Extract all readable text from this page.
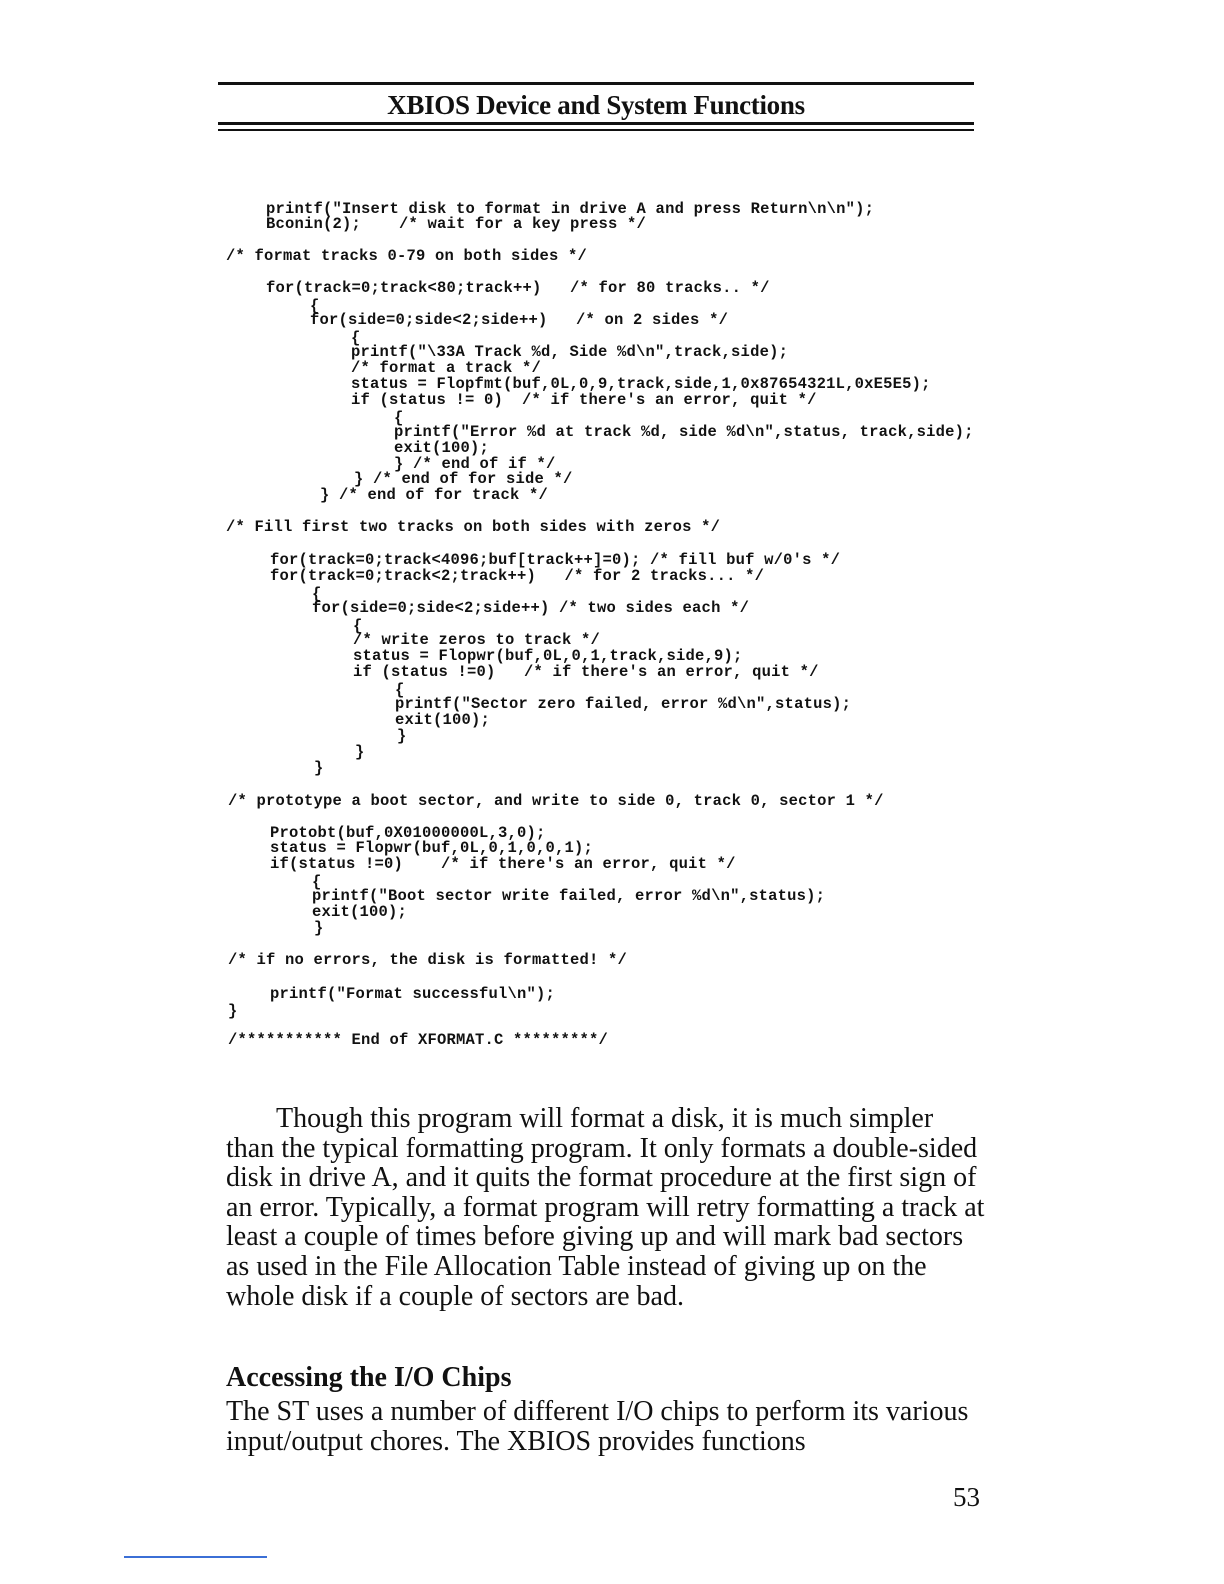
XBIOS Device and System Functions
printf("Insert disk to format in drive A and press Return\n\n");
Bconin(2);    /* wait for a key press */
/* format tracks 0-79 on both sides */
for(track=0;track<80;track++)   /* for 80 tracks.. */
{
for(side=0;side<2;side++)   /* on 2 sides */
{
printf("\33A Track %d, Side %d\n",track,side);
/* format a track */
status = Flopfmt(buf,0L,0,9,track,side,1,0x87654321L,0xE5E5);
if (status != 0)  /* if there's an error, quit */
{
printf("Error %d at track %d, side %d\n",status, track,side);
exit(100);
} /* end of if */
} /* end of for side */
} /* end of for track */
/* Fill first two tracks on both sides with zeros */
for(track=0;track<4096;buf[track++]=0); /* fill buf w/0's */
for(track=0;track<2;track++)   /* for 2 tracks... */
{
for(side=0;side<2;side++) /* two sides each */
{
/* write zeros to track */
status = Flopwr(buf,0L,0,1,track,side,9);
if (status !=0)   /* if there's an error, quit */
{
printf("Sector zero failed, error %d\n",status);
exit(100);
}
}
}
/* prototype a boot sector, and write to side 0, track 0, sector 1 */
Protobt(buf,0X01000000L,3,0);
status = Flopwr(buf,0L,0,1,0,0,1);
if(status !=0)    /* if there's an error, quit */
{
printf("Boot sector write failed, error %d\n",status);
exit(100);
}
/* if no errors, the disk is formatted! */
printf("Format successful\n");
}
/*********** End of XFORMAT.C *********/

Though this program will format a disk, it is much simpler than the typical formatting program. It only formats a double-sided disk in drive A, and it quits the format procedure at the first sign of an error. Typically, a format program will retry formatting a track at least a couple of times before giving up and will mark bad sectors as used in the File Allocation Table instead of giving up on the whole disk if a couple of sectors are bad.

Accessing the I/O Chips
The ST uses a number of different I/O chips to perform its various input/output chores. The XBIOS provides functions
53
